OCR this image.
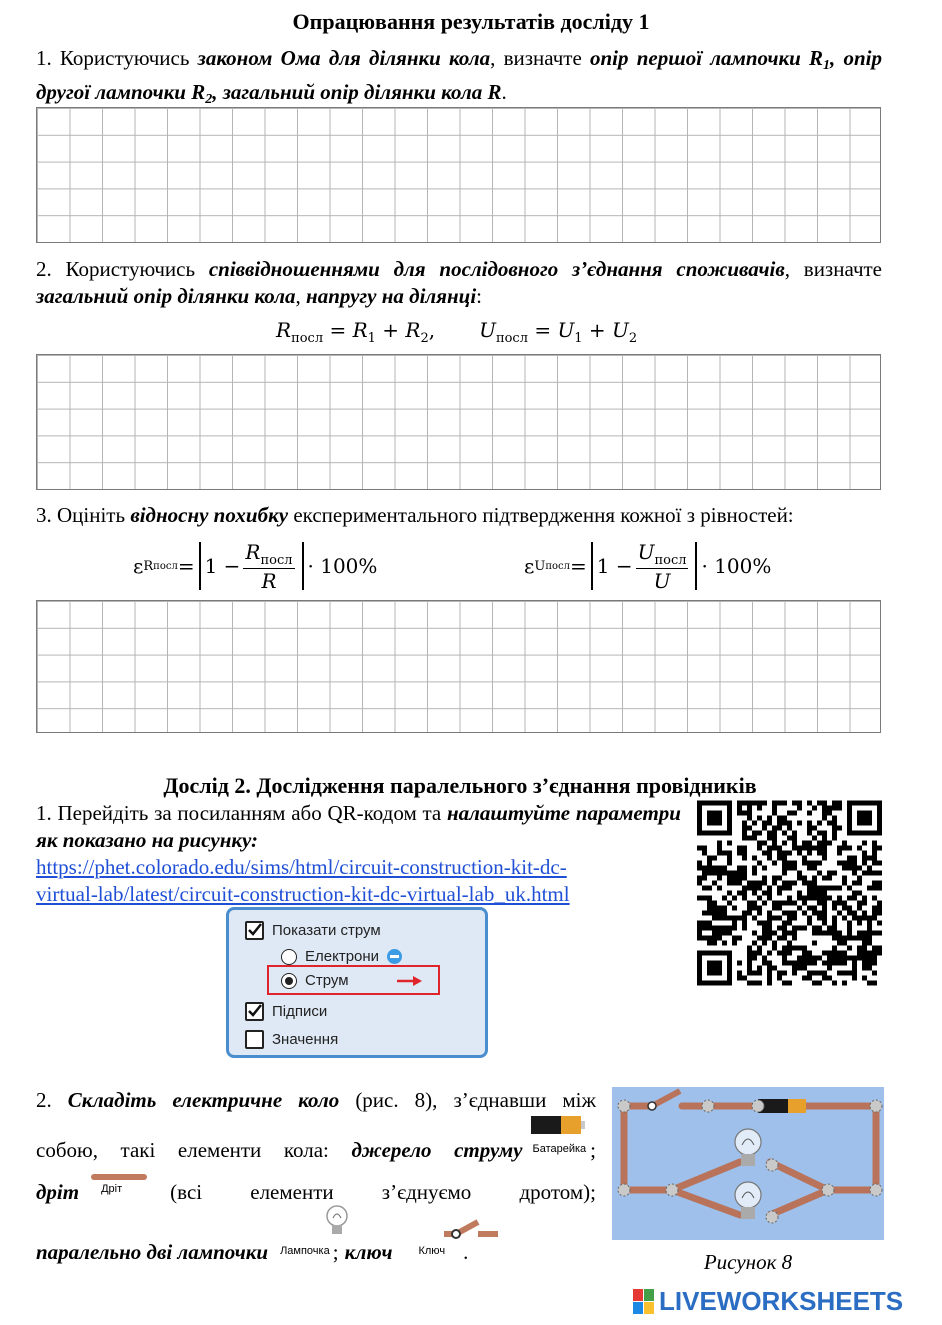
Опрацювання результатів досліду 1
1. Користуючись законом Ома для ділянки кола, визначте опір першої лампочки R1, опір другої лампочки R2, загальний опір ділянки кола R.
2. Користуючись співвідношеннями для послідовного з’єднання споживачів, визначте загальний опір ділянки кола, напругу на ділянці:
$R_{посл} = R_1 + R_2$, $U_{посл} = U_1 + U_2$
3. Оцініть відносну похибку експериментального підтвердження кожної з рівностей:
ε R посл = $1 - \frac{R_{посл}}{R} \cdot 100\%$	ε U посл = $1 - \frac{U_{посл}}{U} \cdot 100\%$
Дослід 2. Дослідження паралельного з’єднання провідників
1. Перейдіть за посиланням або QR-кодом та налаштуйте параметри як показано на рисунку:
https://phet.colorado.edu/sims/html/circuit-construction-kit-dc-
virtual-lab/latest/circuit-construction-kit-dc-virtual-lab_uk.html
Показати струм
Електрони
Струм
Підписи
Значення
2. Складіть електричне коло (рис. 8), з’єднавши між
собою, такі елементи кола: джерело струму Батарейка ;
дріт Дріт (всі елементи з’єднуємо дротом);
паралельно дві лампочки Лампочка ; ключ Ключ .	Рисунок 8
LIVEWORKSHEETS
